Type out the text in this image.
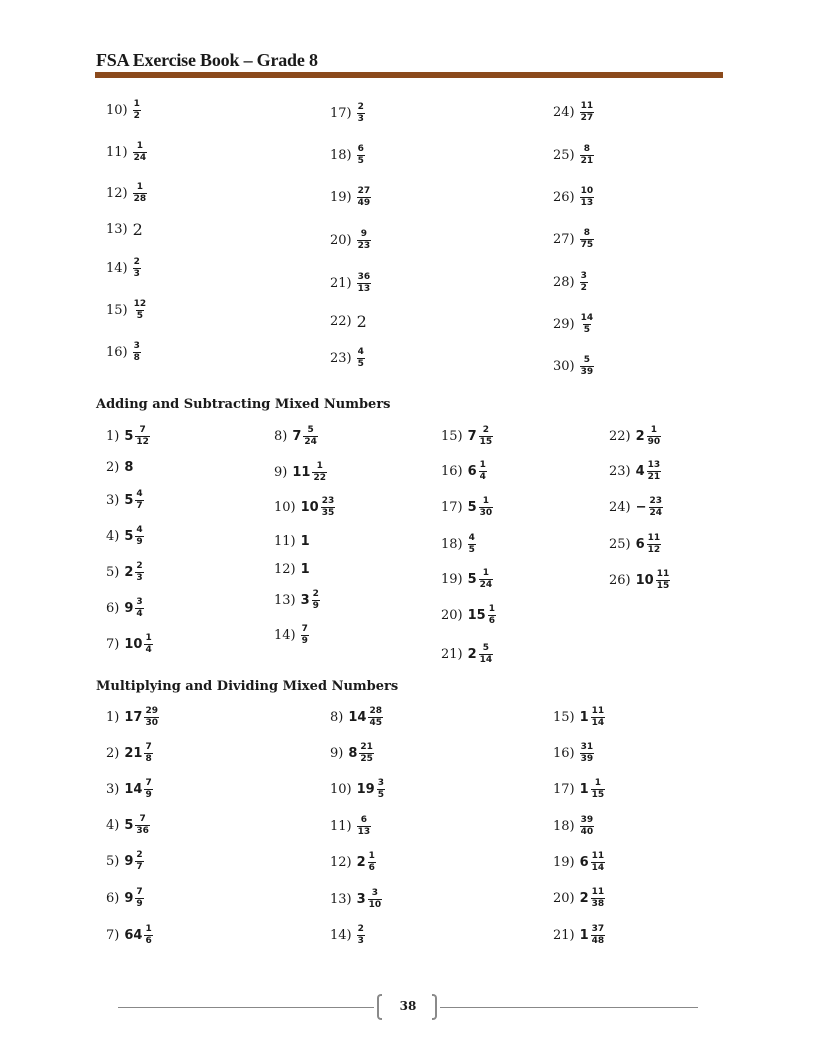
FSA Exercise Book – Grade 8
Adding and Subtracting Mixed Numbers
Multiplying and Dividing Mixed Numbers
$10) \frac{1}{2}$
$11) \frac{1}{24}$
$12) \frac{1}{28}$
13) 2
$14) \frac{2}{3}$
$15) \frac{12}{5}$
$16) \frac{3}{8}$
$17) \frac{2}{3}$
$18) \frac{6}{5}$
$19) \frac{27}{49}$
$20) \frac{9}{23}$
$21) \frac{36}{13}$
22) 2
$23) \frac{4}{5}$
$24) \frac{11}{27}$
$25) \frac{8}{21}$
$26) \frac{10}{13}$
$27) \frac{8}{75}$
$28) \frac{3}{2}$
$29) \frac{14}{5}$
$30) \frac{5}{39}$
1) $5 \frac{7}{12}$
2) 8
3) $5 \frac{4}{7}$
4) $5 \frac{4}{9}$
5) $2 \frac{2}{3}$
6) $9 \frac{3}{4}$
7) $10 \frac{1}{4}$
8) $7 \frac{5}{24}$
9) $11 \frac{1}{22}$
10) $10 \frac{23}{35}$
11) 1
12) 1
13) $3 \frac{2}{9}$
$14) \frac{7}{9}$
15) $7 \frac{2}{15}$
16) $6 \frac{1}{4}$
17) $5 \frac{1}{30}$
$18) \frac{4}{5}$
19) $5 \frac{1}{24}$
20) $15 \frac{1}{6}$
21) $2 \frac{5}{14}$
22) $2 \frac{1}{90}$
23) $4 \frac{13}{21}$
$24) - \frac{23}{24}$
25) $6 \frac{11}{12}$
26) $10 \frac{11}{15}$
1) $17 \frac{29}{30}$
2) $21 \frac{7}{8}$
3) $14 \frac{7}{9}$
4) $5 \frac{7}{36}$
5) $9 \frac{2}{7}$
6) $9 \frac{7}{9}$
7) $64 \frac{1}{6}$
8) $14 \frac{28}{45}$
9) $8 \frac{21}{25}$
10) $19 \frac{3}{5}$
$11) \frac{6}{13}$
12) $2 \frac{1}{6}$
13) $3 \frac{3}{10}$
$14) \frac{2}{3}$
15) $1 \frac{11}{14}$
$16) \frac{31}{39}$
17) $1 \frac{1}{15}$
$18) \frac{39}{40}$
19) $6 \frac{11}{14}$
20) $2 \frac{11}{38}$
21) $1 \frac{37}{48}$
38
